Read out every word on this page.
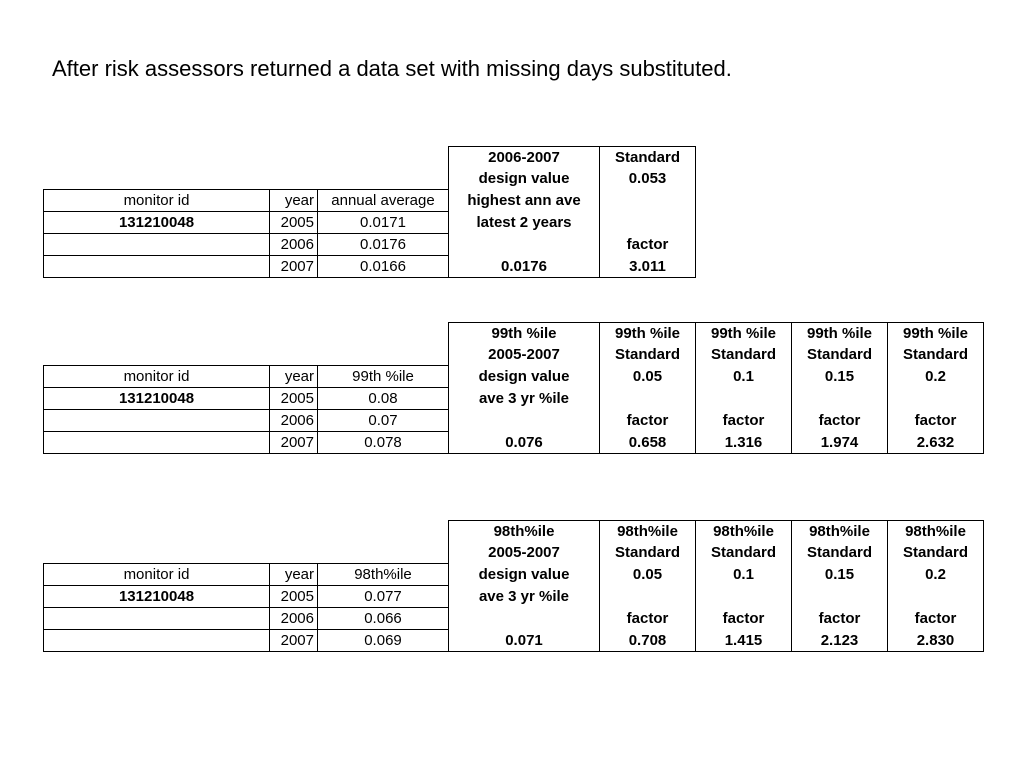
After risk assessors returned a data set with missing days substituted.
			2006-2007	Standard
			design value	0.053
monitor id	year	annual average	highest ann ave	
131210048	2005	0.0171	latest 2 years	
	2006	0.0176		factor
	2007	0.0166	0.0176	3.011
			99th %ile	99th %ile	99th %ile	99th %ile	99th %ile
			2005-2007	Standard	Standard	Standard	Standard
monitor id	year	99th %ile	design value	0.05	0.1	0.15	0.2
131210048	2005	0.08	ave 3 yr %ile				
	2006	0.07		factor	factor	factor	factor
	2007	0.078	0.076	0.658	1.316	1.974	2.632
			98th%ile	98th%ile	98th%ile	98th%ile	98th%ile
			2005-2007	Standard	Standard	Standard	Standard
monitor id	year	98th%ile	design value	0.05	0.1	0.15	0.2
131210048	2005	0.077	ave 3 yr %ile				
	2006	0.066		factor	factor	factor	factor
	2007	0.069	0.071	0.708	1.415	2.123	2.830
